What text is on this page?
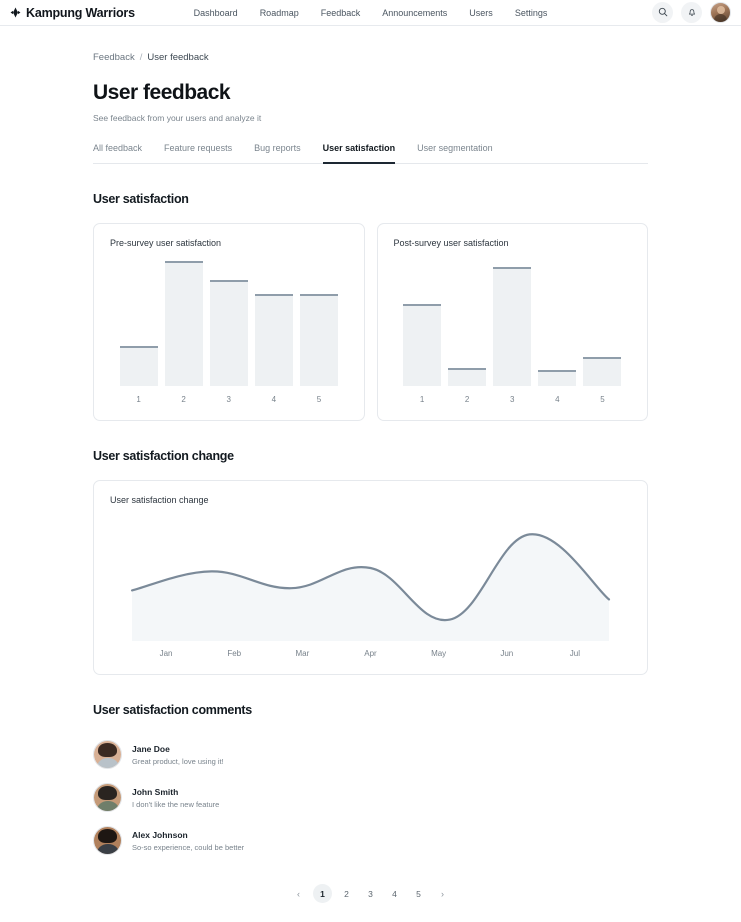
Kampung Warriors	Dashboard Roadmap Feedback Announcements Users Settings
Feedback / User feedback
User feedback
See feedback from your users and analyze it
All feedback Feature requests Bug reports User satisfaction User segmentation
User satisfaction
Pre-survey user satisfaction
1	2	3	4	5
Post-survey user satisfaction
1	2	3	4	5
User satisfaction change
User satisfaction change
Jan	Feb	Mar	Apr	May	Jun	Jul
User satisfaction comments
Jane Doe
Great product, love using it!
John Smith
I don't like the new feature
Alex Johnson
So-so experience, could be better
‹	1	2	3	4	5	›
